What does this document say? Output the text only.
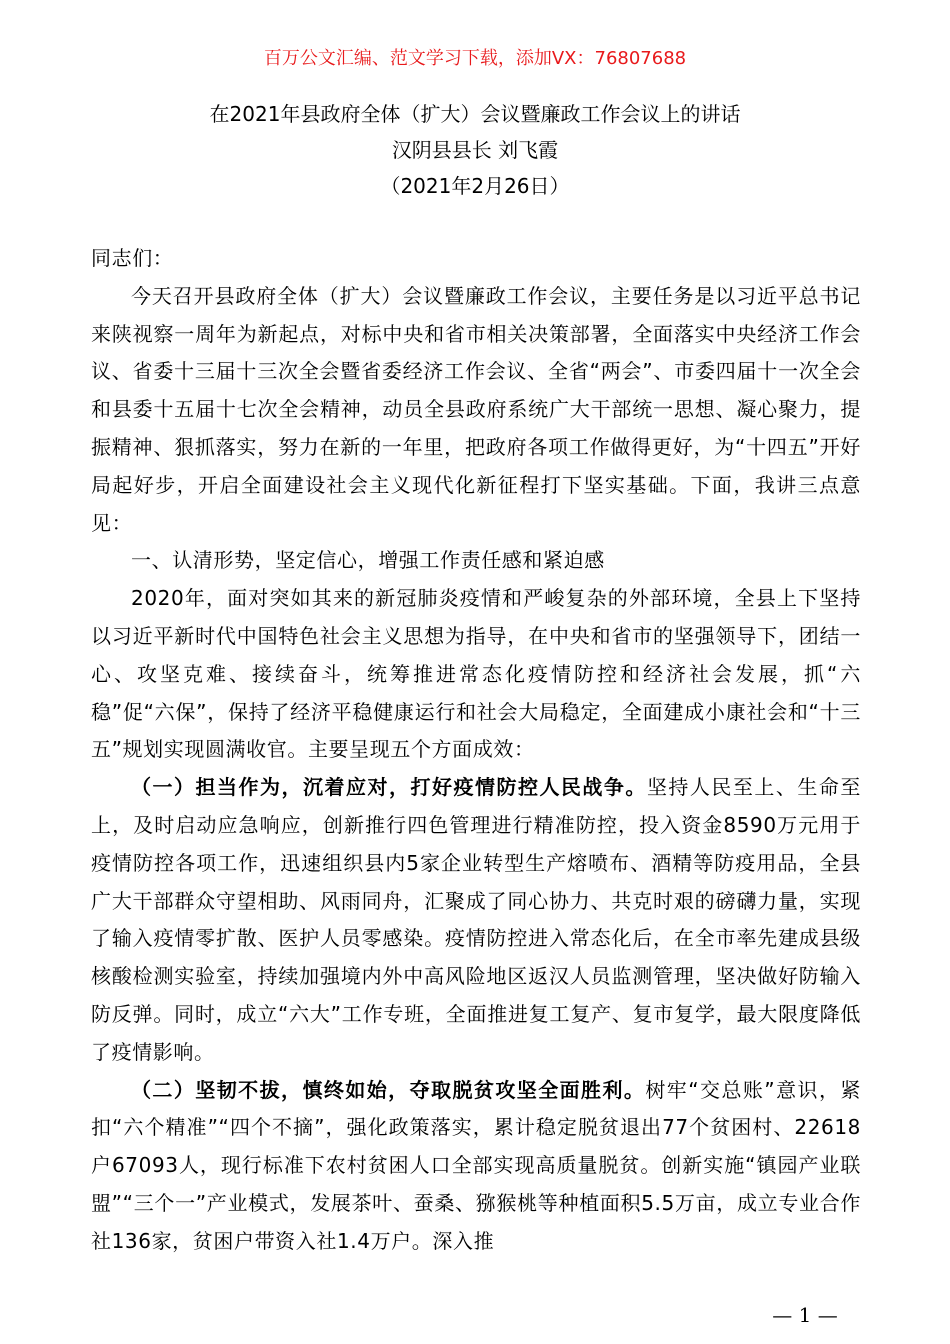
百万公文汇编、范文学习下载，添加VX：76807688
在2021年县政府全体（扩大）会议暨廉政工作会议上的讲话
汉阴县县长 刘飞霞
（2021年2月26日）

同志们：

今天召开县政府全体（扩大）会议暨廉政工作会议，主要任务是以习近平总书记来陕视察一周年为新起点，对标中央和省市相关决策部署，全面落实中央经济工作会议、省委十三届十三次全会暨省委经济工作会议、全省“两会”、市委四届十一次全会和县委十五届十七次全会精神，动员全县政府系统广大干部统一思想、凝心聚力，提振精神、狠抓落实，努力在新的一年里，把政府各项工作做得更好，为“十四五”开好局起好步，开启全面建设社会主义现代化新征程打下坚实基础。下面，我讲三点意见：

一、认清形势，坚定信心，增强工作责任感和紧迫感

2020年，面对突如其来的新冠肺炎疫情和严峻复杂的外部环境，全县上下坚持以习近平新时代中国特色社会主义思想为指导，在中央和省市的坚强领导下，团结一心、攻坚克难、接续奋斗，统筹推进常态化疫情防控和经济社会发展，抓“六稳”促“六保”，保持了经济平稳健康运行和社会大局稳定，全面建成小康社会和“十三五”规划实现圆满收官。主要呈现五个方面成效：

（一）担当作为，沉着应对，打好疫情防控人民战争。坚持人民至上、生命至上，及时启动应急响应，创新推行四色管理进行精准防控，投入资金8590万元用于疫情防控各项工作，迅速组织县内5家企业转型生产熔喷布、酒精等防疫用品，全县广大干部群众守望相助、风雨同舟，汇聚成了同心协力、共克时艰的磅礴力量，实现了输入疫情零扩散、医护人员零感染。疫情防控进入常态化后，在全市率先建成县级核酸检测实验室，持续加强境内外中高风险地区返汉人员监测管理，坚决做好防输入防反弹。同时，成立“六大”工作专班，全面推进复工复产、复市复学，最大限度降低了疫情影响。

（二）坚韧不拔，慎终如始，夺取脱贫攻坚全面胜利。树牢“交总账”意识，紧扣“六个精准”“四个不摘”，强化政策落实，累计稳定脱贫退出77个贫困村、22618户67093人，现行标准下农村贫困人口全部实现高质量脱贫。创新实施“镇园产业联盟”“三个一”产业模式，发展茶叶、蚕桑、猕猴桃等种植面积5.5万亩，成立专业合作社136家，贫困户带资入社1.4万户。深入推

— 1 —
